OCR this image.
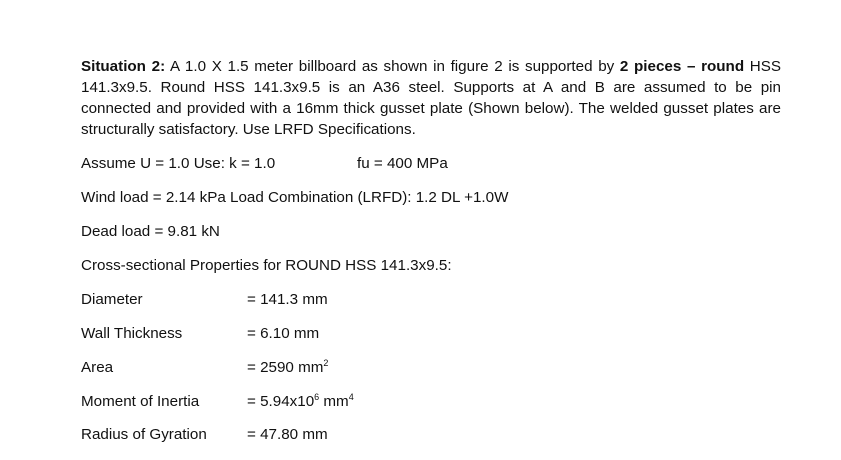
Situation 2: A 1.0 X 1.5 meter billboard as shown in figure 2 is supported by 2 pieces – round HSS 141.3x9.5. Round HSS 141.3x9.5 is an A36 steel. Supports at A and B are assumed to be pin connected and provided with a 16mm thick gusset plate (Shown below). The welded gusset plates are structurally satisfactory. Use LRFD Specifications.
Assume U = 1.0 Use: k = 1.0	fu = 400 MPa
Wind load = 2.14 kPa Load Combination (LRFD): 1.2 DL +1.0W
Dead load = 9.81 kN
Cross-sectional Properties for ROUND HSS 141.3x9.5:
Diameter	= 141.3 mm
Wall Thickness	= 6.10 mm
Area	= 2590 $mm^2$
Moment of Inertia	= $5.94x10^6$ $mm^4$
Radius of Gyration	= 47.80 mm
